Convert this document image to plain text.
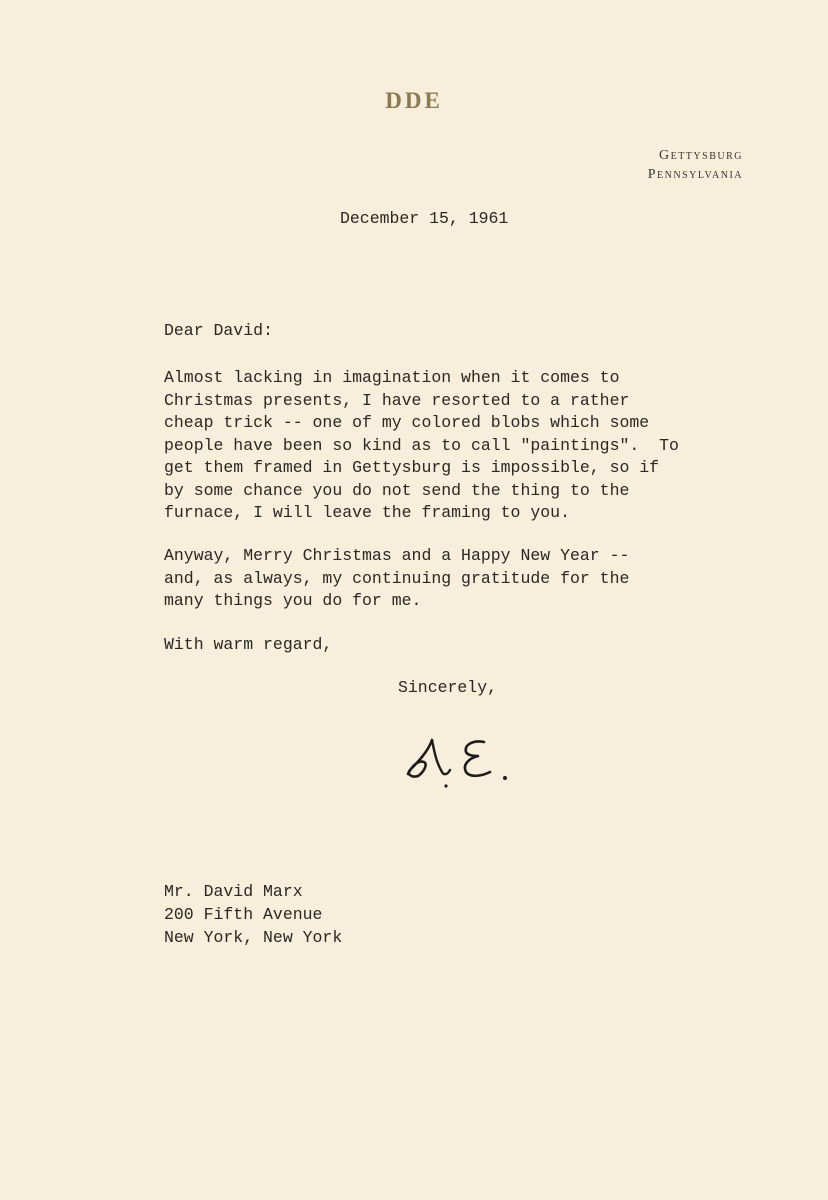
DDE
Gettysburg
Pennsylvania
December 15, 1961
Dear David:
Almost lacking in imagination when it comes to
Christmas presents, I have resorted to a rather
cheap trick -- one of my colored blobs which some
people have been so kind as to call "paintings".  To
get them framed in Gettysburg is impossible, so if
by some chance you do not send the thing to the
furnace, I will leave the framing to you.
Anyway, Merry Christmas and a Happy New Year --
and, as always, my continuing gratitude for the
many things you do for me.
With warm regard,
Sincerely,
Mr. David Marx
200 Fifth Avenue
New York, New York
